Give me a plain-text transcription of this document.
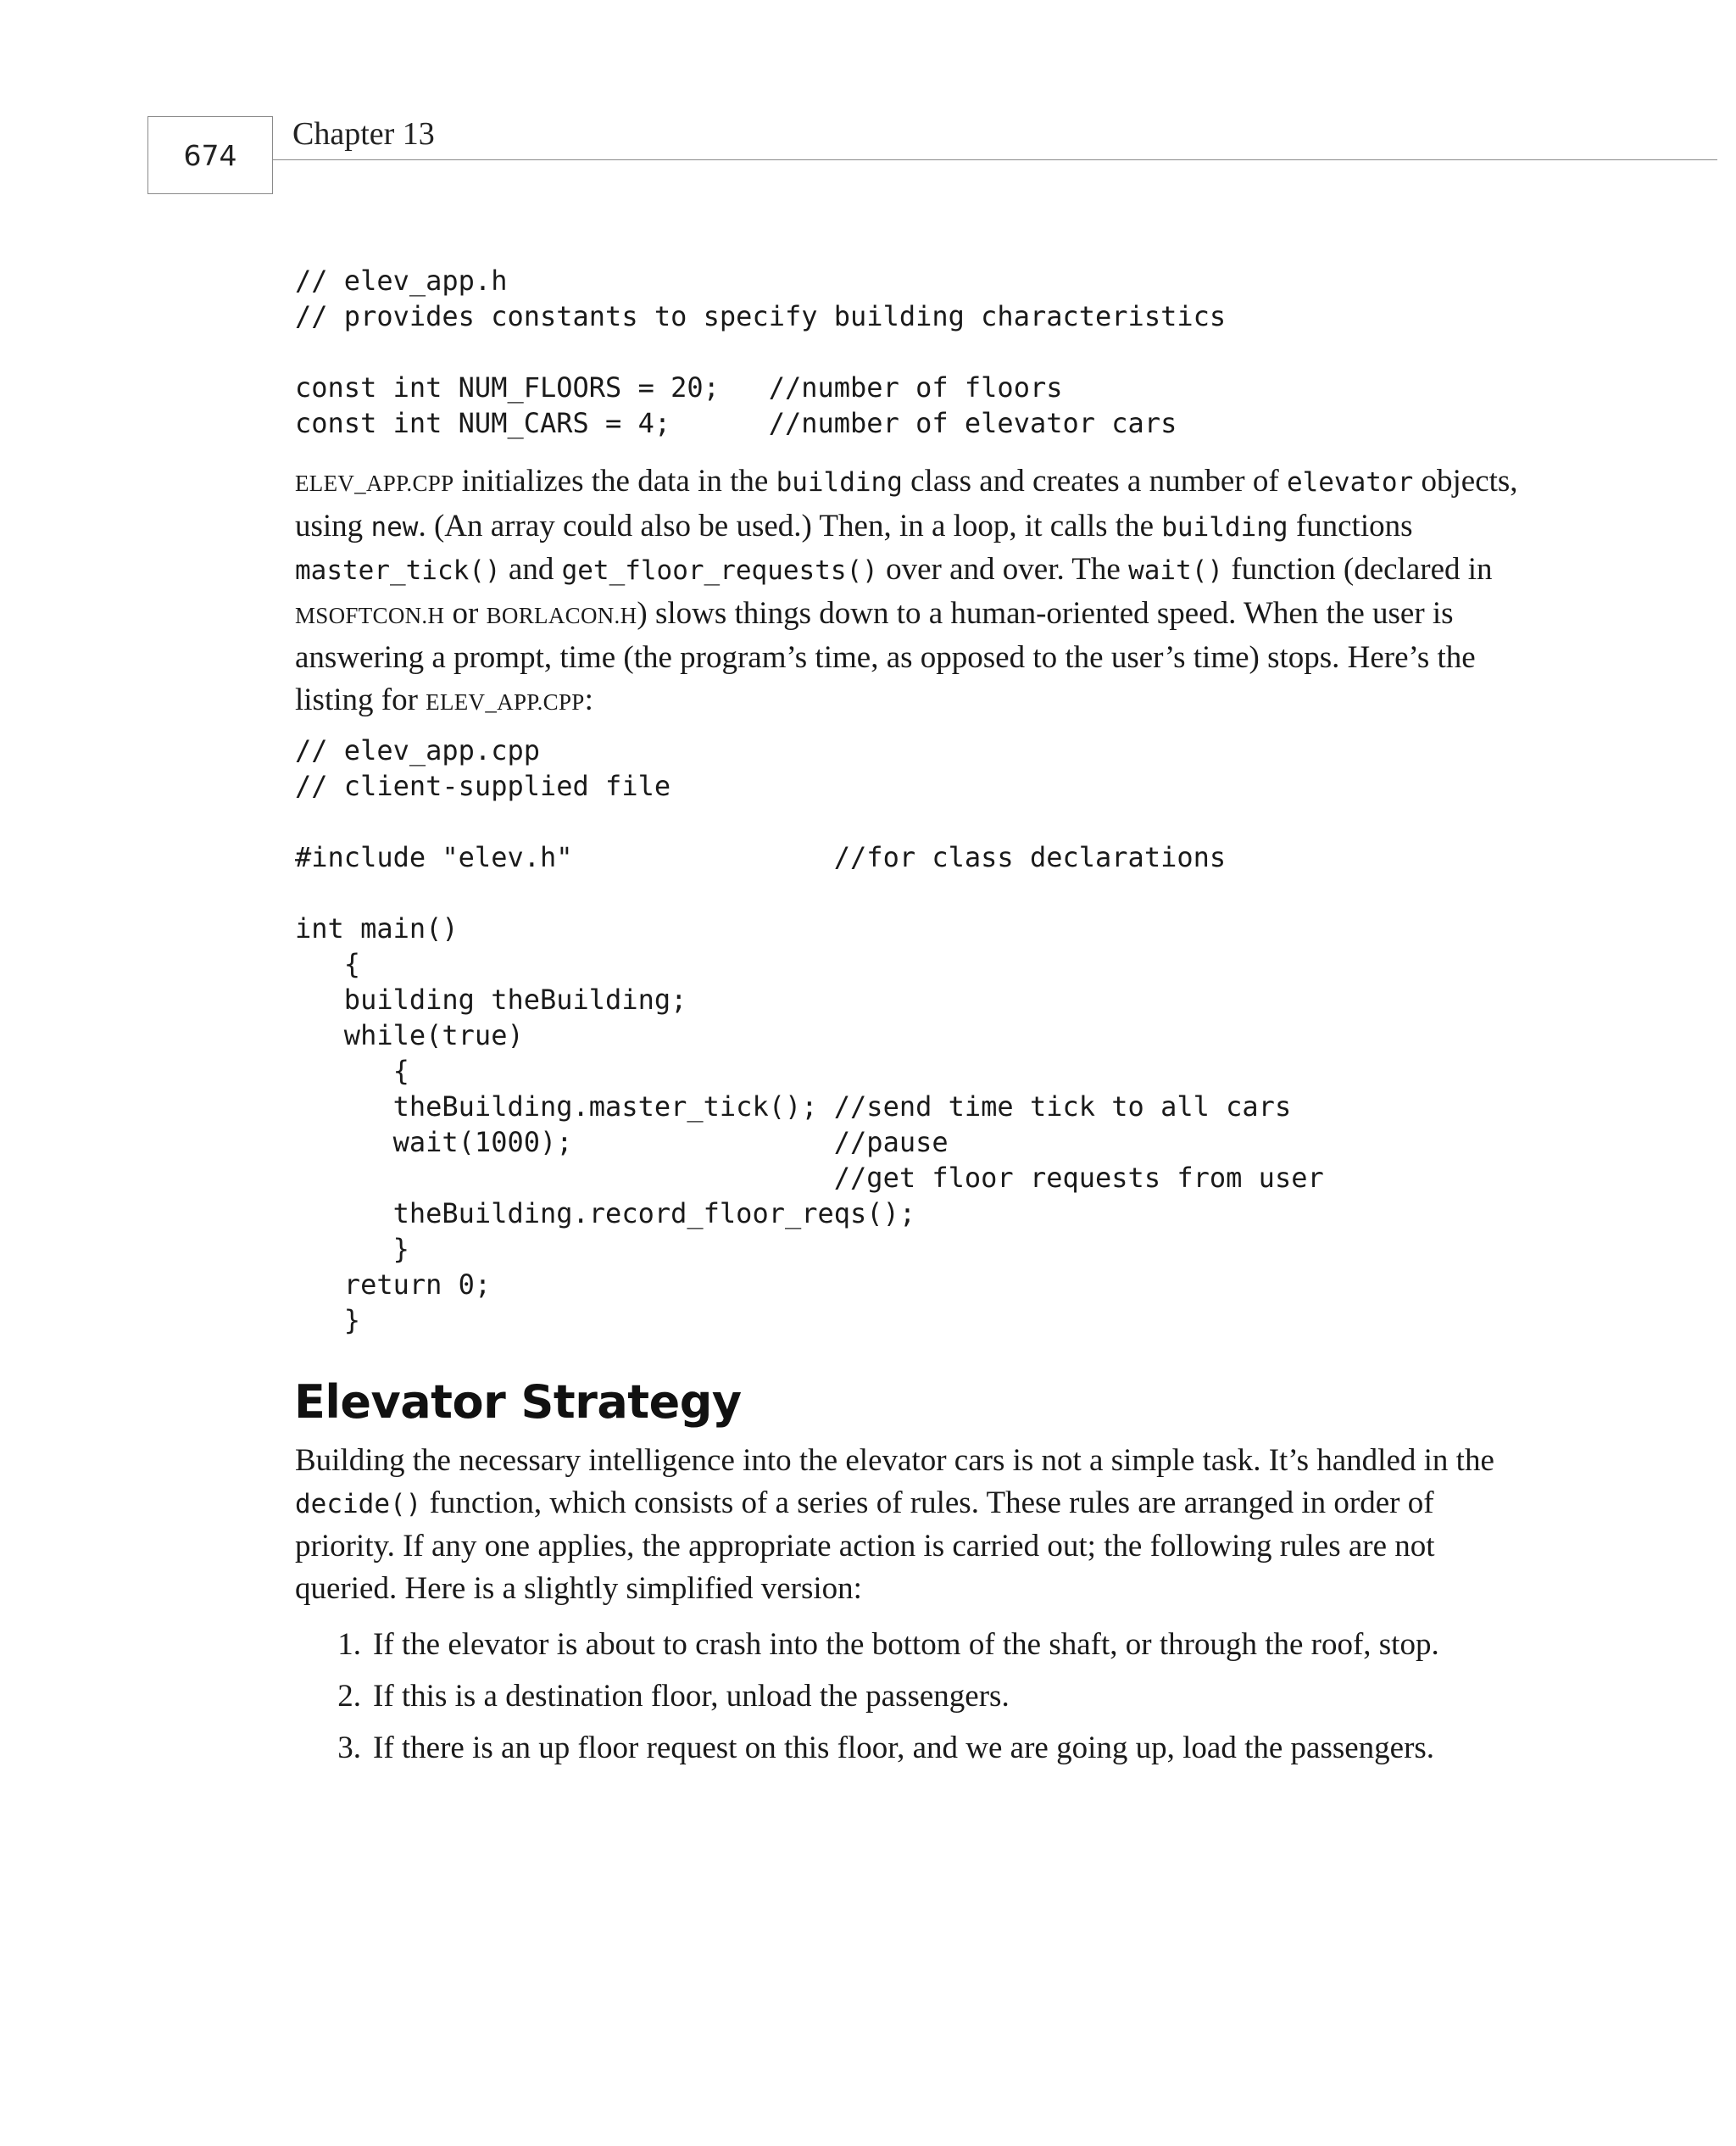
674
Chapter 13
// elev_app.h
// provides constants to specify building characteristics
const int NUM_FLOORS = 20;   //number of floors
const int NUM_CARS = 4;      //number of elevator cars

ELEV_APP.CPP initializes the data in the building class and creates a number of elevator objects, using new. (An array could also be used.) Then, in a loop, it calls the building functions master_tick() and get_floor_requests() over and over. The wait() function (declared in MSOFTCON.H or BORLACON.H) slows things down to a human-oriented speed. When the user is answering a prompt, time (the program’s time, as opposed to the user’s time) stops. Here’s the listing for ELEV_APP.CPP:

// elev_app.cpp
// client-supplied file
#include "elev.h"                //for class declarations
int main()
{
building theBuilding;
while(true)
{
theBuilding.master_tick(); //send time tick to all cars
wait(1000);                //pause
//get floor requests from user
theBuilding.record_floor_reqs();
}
return 0;
}
Elevator Strategy

Building the necessary intelligence into the elevator cars is not a simple task. It’s handled in the decide() function, which consists of a series of rules. These rules are arranged in order of priority. If any one applies, the appropriate action is carried out; the following rules are not queried. Here is a slightly simplified version:

1. If the elevator is about to crash into the bottom of the shaft, or through the roof, stop.
2. If this is a destination floor, unload the passengers.
3. If there is an up floor request on this floor, and we are going up, load the passengers.
